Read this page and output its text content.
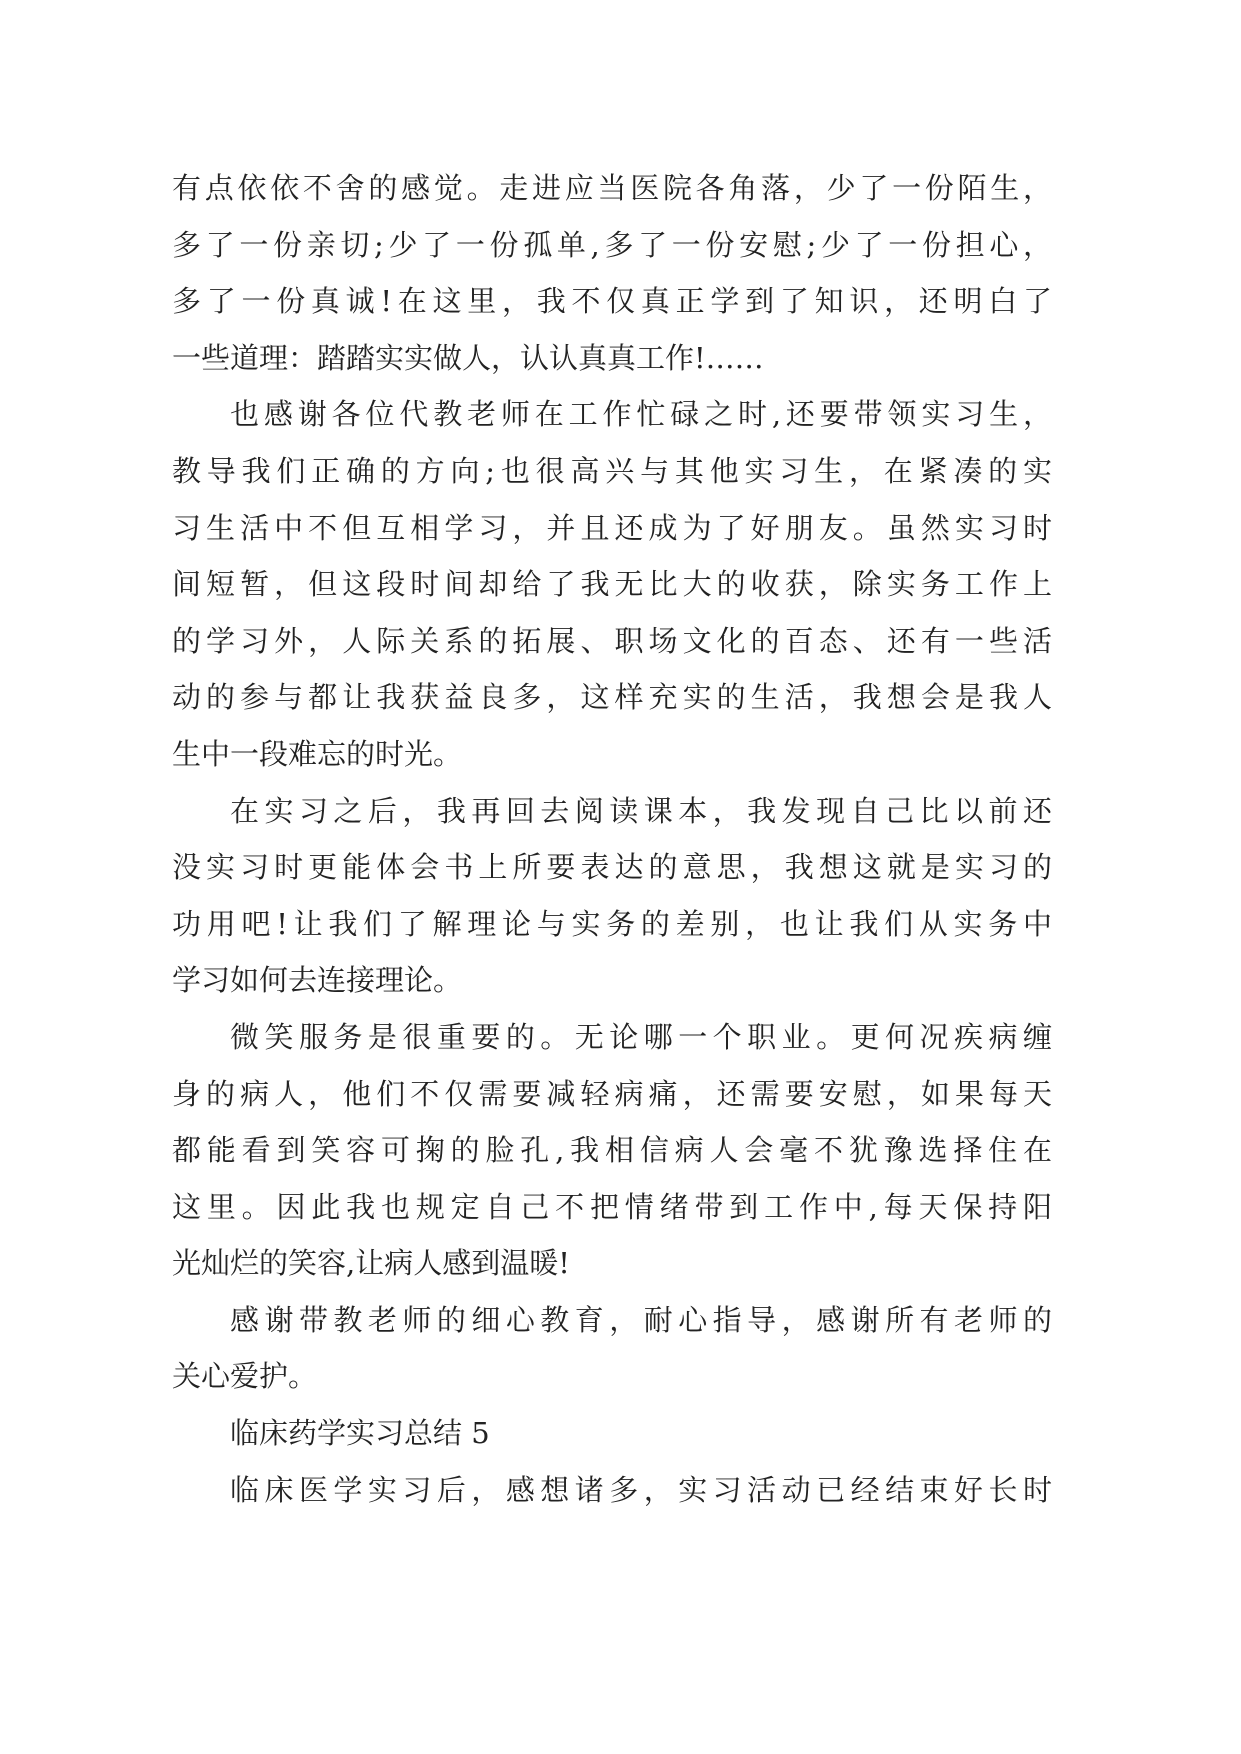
有点依依不舍的感觉。走进应当医院各角落，少了一份陌生，
多了一份亲切;少了一份孤单,多了一份安慰;少了一份担心，
多了一份真诚!在这里，我不仅真正学到了知识，还明白了
一些道理：踏踏实实做人，认认真真工作!……
也感谢各位代教老师在工作忙碌之时,还要带领实习生，
教导我们正确的方向;也很高兴与其他实习生，在紧凑的实
习生活中不但互相学习，并且还成为了好朋友。虽然实习时
间短暂，但这段时间却给了我无比大的收获，除实务工作上
的学习外，人际关系的拓展、职场文化的百态、还有一些活
动的参与都让我获益良多，这样充实的生活，我想会是我人
生中一段难忘的时光。
在实习之后，我再回去阅读课本，我发现自己比以前还
没实习时更能体会书上所要表达的意思，我想这就是实习的
功用吧!让我们了解理论与实务的差别，也让我们从实务中
学习如何去连接理论。
微笑服务是很重要的。无论哪一个职业。更何况疾病缠
身的病人，他们不仅需要减轻病痛，还需要安慰，如果每天
都能看到笑容可掬的脸孔,我相信病人会毫不犹豫选择住在
这里。因此我也规定自己不把情绪带到工作中,每天保持阳
光灿烂的笑容,让病人感到温暖!
感谢带教老师的细心教育，耐心指导，感谢所有老师的
关心爱护。
临床药学实习总结 5
临床医学实习后，感想诸多，实习活动已经结束好长时
